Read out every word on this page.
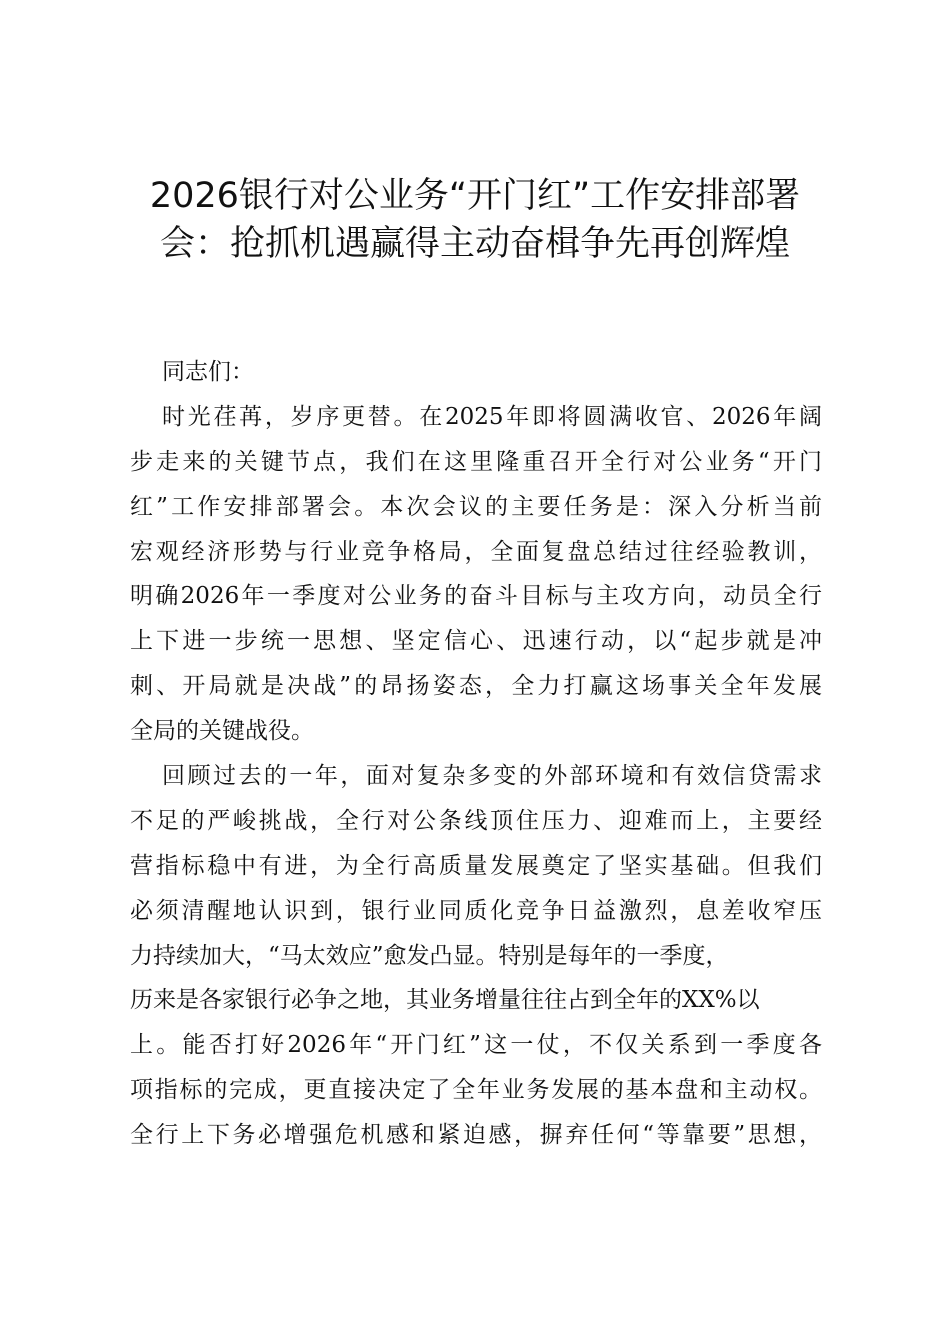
2026银行对公业务“开门红”工作安排部署
会：抢抓机遇赢得主动奋楫争先再创辉煌
同志们：
时光荏苒，岁序更替。在2025年即将圆满收官、2026年阔
步走来的关键节点，我们在这里隆重召开全行对公业务“开门
红”工作安排部署会。本次会议的主要任务是：深入分析当前
宏观经济形势与行业竞争格局，全面复盘总结过往经验教训，
明确2026年一季度对公业务的奋斗目标与主攻方向，动员全行
上下进一步统一思想、坚定信心、迅速行动，以“起步就是冲
刺、开局就是决战”的昂扬姿态，全力打赢这场事关全年发展
全局的关键战役。
回顾过去的一年，面对复杂多变的外部环境和有效信贷需求
不足的严峻挑战，全行对公条线顶住压力、迎难而上，主要经
营指标稳中有进，为全行高质量发展奠定了坚实基础。但我们
必须清醒地认识到，银行业同质化竞争日益激烈，息差收窄压
力持续加大，“马太效应”愈发凸显。特别是每年的一季度，
历来是各家银行必争之地，其业务增量往往占到全年的XX%以
上。能否打好2026年“开门红”这一仗，不仅关系到一季度各
项指标的完成，更直接决定了全年业务发展的基本盘和主动权。
全行上下务必增强危机感和紧迫感，摒弃任何“等靠要”思想，
